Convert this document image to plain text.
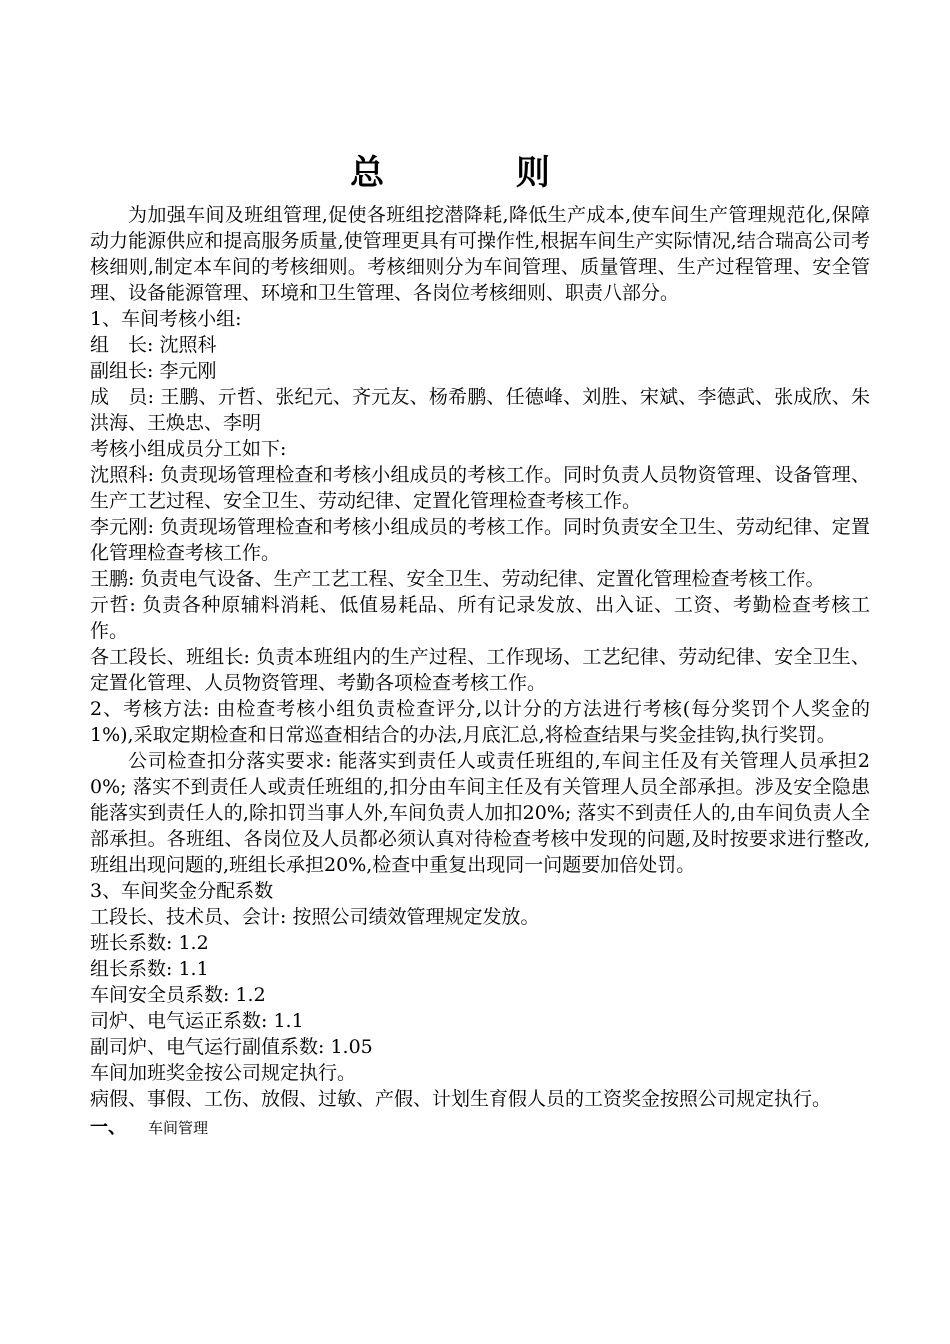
总 则

为加强车间及班组管理,促使各班组挖潜降耗,降低生产成本,使车间生产管理规范化,保障动力能源供应和提高服务质量,使管理更具有可操作性,根据车间生产实际情况,结合瑞高公司考核细则,制定本车间的考核细则。考核细则分为车间管理、质量管理、生产过程管理、安全管理、设备能源管理、环境和卫生管理、各岗位考核细则、职责八部分。

1、车间考核小组:

组　长: 沈照科

副组长: 李元刚

成　员: 王鹏、亓哲、张纪元、齐元友、杨希鹏、任德峰、刘胜、宋斌、李德武、张成欣、朱洪海、王焕忠、李明

考核小组成员分工如下:

沈照科: 负责现场管理检查和考核小组成员的考核工作。同时负责人员物资管理、设备管理、生产工艺过程、安全卫生、劳动纪律、定置化管理检查考核工作。

李元刚: 负责现场管理检查和考核小组成员的考核工作。同时负责安全卫生、劳动纪律、定置化管理检查考核工作。

王鹏: 负责电气设备、生产工艺工程、安全卫生、劳动纪律、定置化管理检查考核工作。

亓哲: 负责各种原辅料消耗、低值易耗品、所有记录发放、出入证、工资、考勤检查考核工作。

各工段长、班组长: 负责本班组内的生产过程、工作现场、工艺纪律、劳动纪律、安全卫生、定置化管理、人员物资管理、考勤各项检查考核工作。

2、考核方法: 由检查考核小组负责检查评分,以计分的方法进行考核(每分奖罚个人奖金的1%),采取定期检查和日常巡查相结合的办法,月底汇总,将检查结果与奖金挂钩,执行奖罚。

公司检查扣分落实要求: 能落实到责任人或责任班组的,车间主任及有关管理人员承担20%; 落实不到责任人或责任班组的,扣分由车间主任及有关管理人员全部承担。涉及安全隐患能落实到责任人的,除扣罚当事人外,车间负责人加扣20%; 落实不到责任人的,由车间负责人全部承担。各班组、各岗位及人员都必须认真对待检查考核中发现的问题,及时按要求进行整改,班组出现问题的,班组长承担20%,检查中重复出现同一问题要加倍处罚。

3、车间奖金分配系数

工段长、技术员、会计: 按照公司绩效管理规定发放。

班长系数: 1.2

组长系数: 1.1

车间安全员系数: 1.2

司炉、电气运正系数: 1.1

副司炉、电气运行副值系数: 1.05

车间加班奖金按公司规定执行。

病假、事假、工伤、放假、过敏、产假、计划生育假人员的工资奖金按照公司规定执行。

一、 车间管理
